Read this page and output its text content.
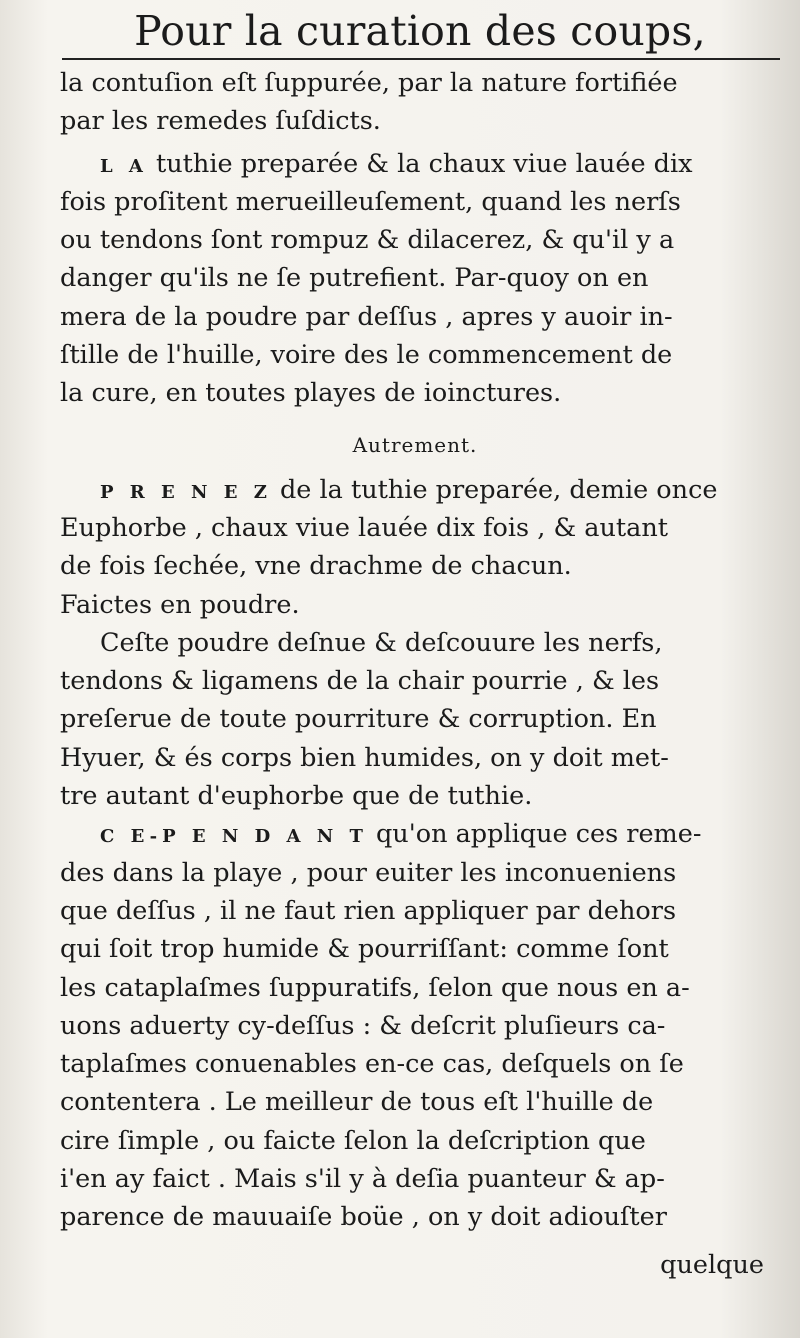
Pour la curation des coups,
la contuſion eſt ſuppurée, par la nature fortifiée
par les remedes ſuſdicts.
L A tuthie preparée & la chaux viue lauée dix
fois proſitent merueilleuſement, quand les nerſs
ou tendons ſont rompuz & dilacerez, & qu'il y a
danger qu'ils ne ſe putrefient. Par-quoy on en
mera de la poudre par deſſus , apres y auoir in-
ſtille de l'huille, voire des le commencement de
la cure, en toutes playes de ioinctures.
Autrement.
P R E N E Z de la tuthie preparée, demie once
Euphorbe , chaux viue lauée dix fois , & autant
de fois ſechée, vne drachme de chacun.
Faictes en poudre.
Ceſte poudre deſnue & deſcouure les nerfs,
tendons & ligamens de la chair pourrie , & les
preſerue de toute pourriture & corruption. En
Hyuer, & és corps bien humides, on y doit met-
tre autant d'euphorbe que de tuthie.
C E-P E N D A N T qu'on applique ces reme-
des dans la playe , pour euiter les inconueniens
que deſſus , il ne faut rien appliquer par dehors
qui ſoit trop humide & pourriſſant: comme ſont
les cataplaſmes ſuppuratifs, ſelon que nous en a-
uons aduerty cy-deſſus : & deſcrit pluſieurs ca-
taplaſmes conuenables en-ce cas, deſquels on ſe
contentera . Le meilleur de tous eſt l'huille de
cire ſimple , ou faicte ſelon la deſcription que
i'en ay faict . Mais s'il y à deſia puanteur & ap-
parence de mauuaiſe boüe , on y doit adiouſter
quelque
